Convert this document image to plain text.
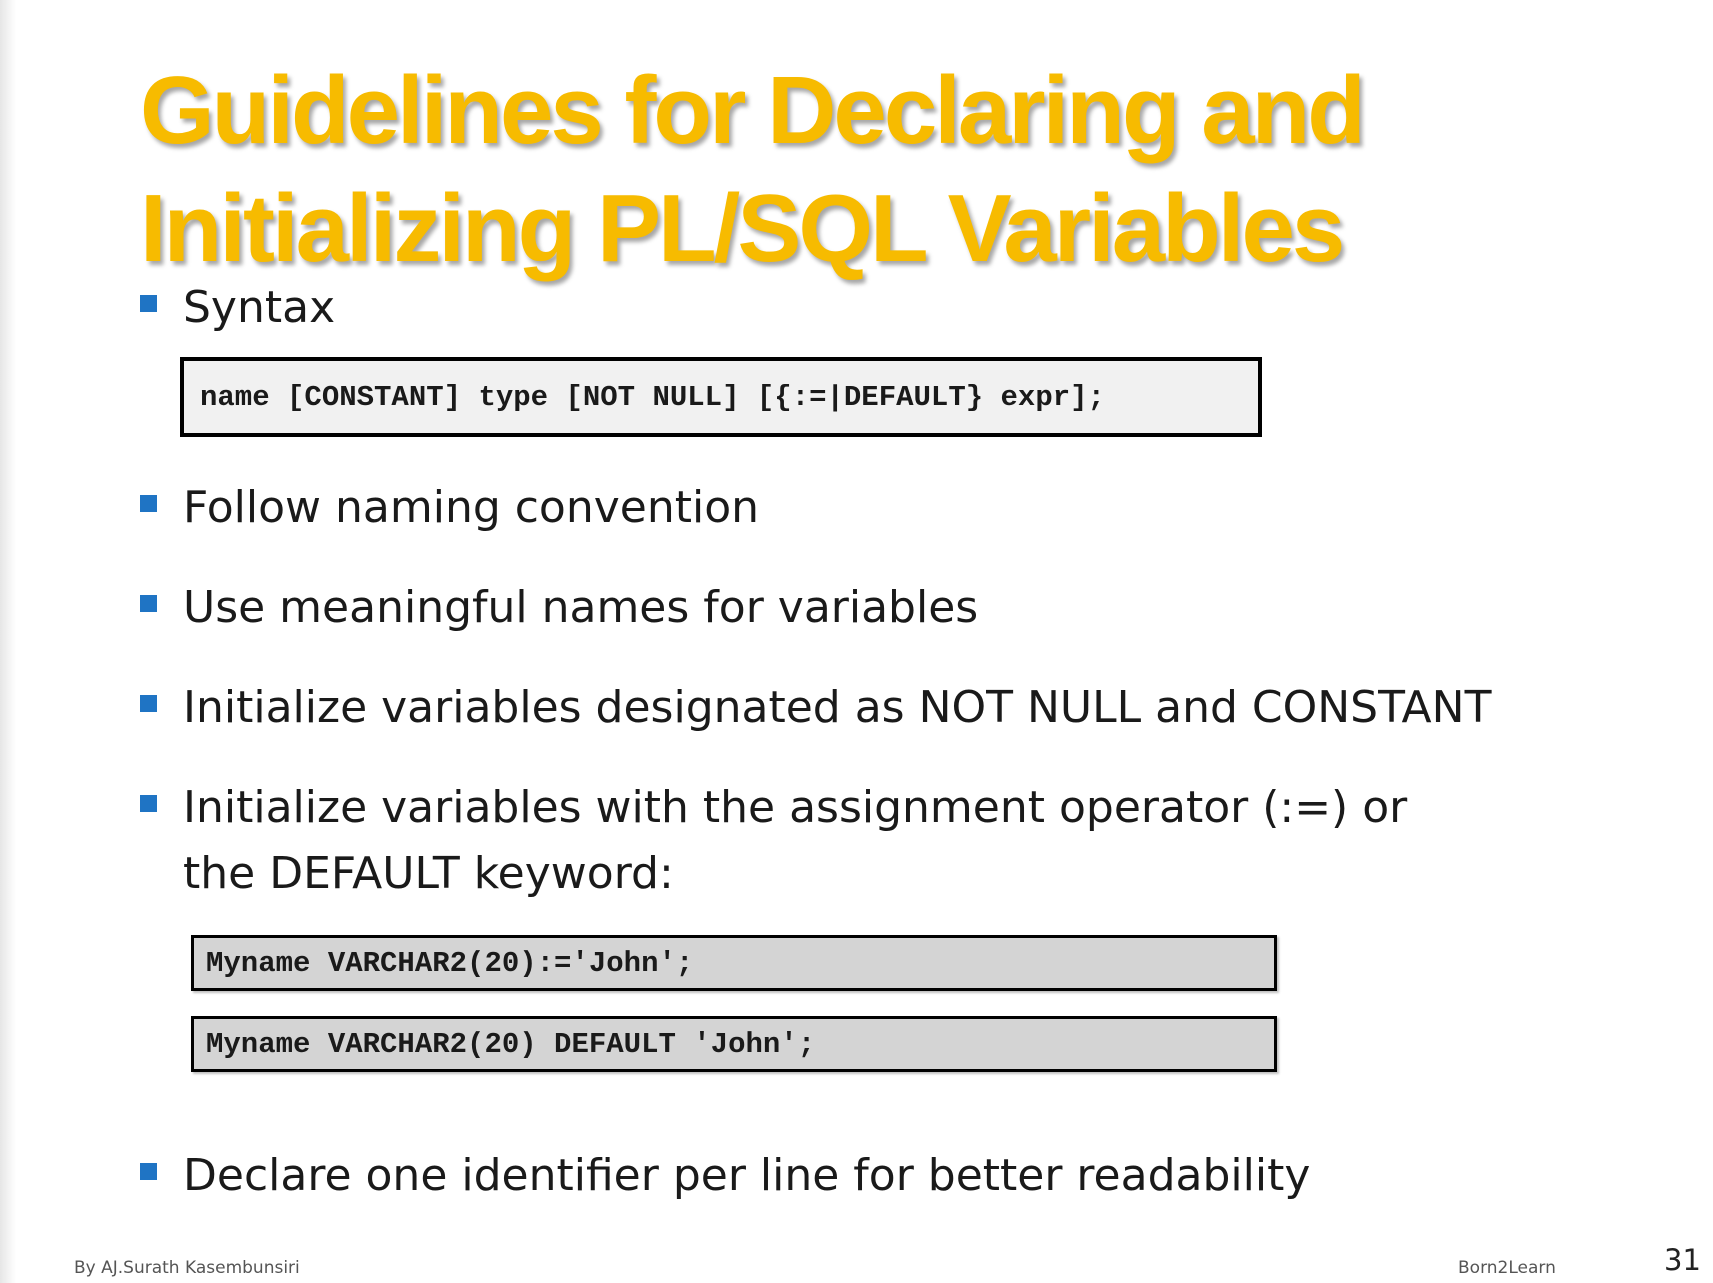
Guidelines for Declaring and Initializing PL/SQL Variables
Syntax
name [CONSTANT] type [NOT NULL] [{:=|DEFAULT} expr];
Follow naming convention
Use meaningful names for variables
Initialize variables designated as NOT NULL and CONSTANT
Initialize variables with the assignment operator (:=) or the DEFAULT keyword:
Myname VARCHAR2(20):='John';
Myname VARCHAR2(20) DEFAULT 'John';
Declare one identifier per line for better readability
By AJ.Surath Kasembunsiri	Born2Learn	31
